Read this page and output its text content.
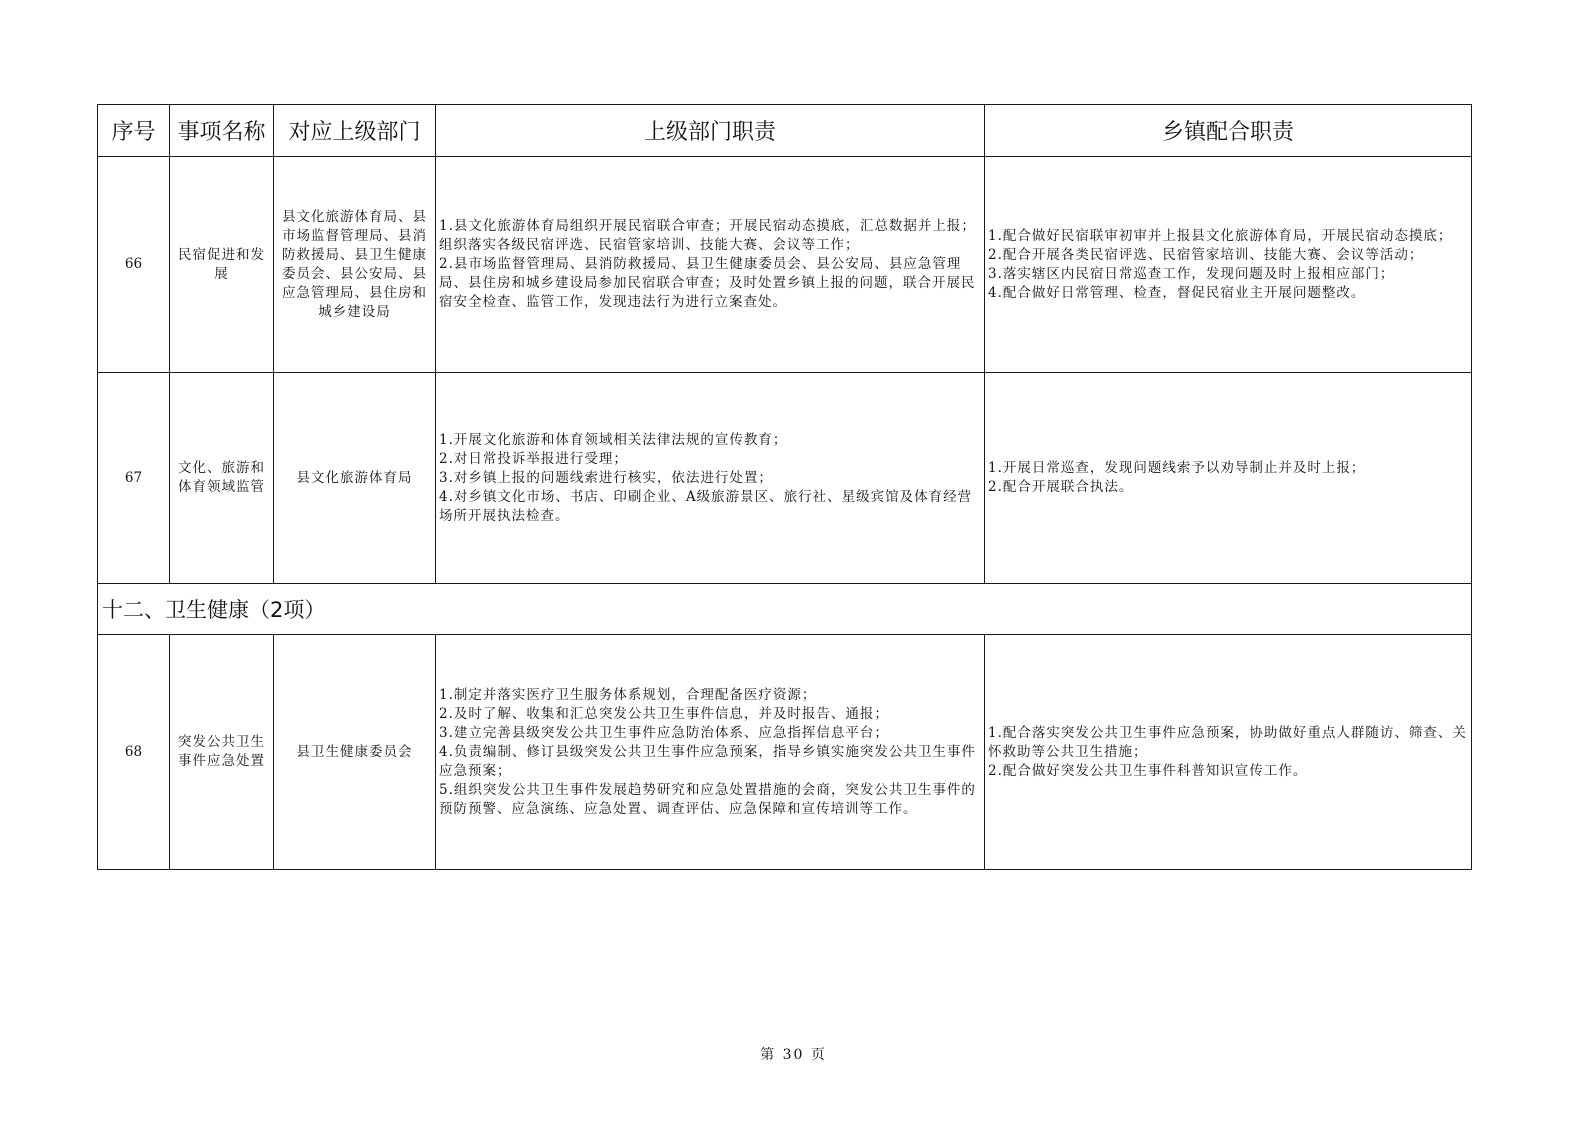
序号	事项名称	对应上级部门	上级部门职责	乡镇配合职责
66	民宿促进和发展	县文化旅游体育局、县市场监督管理局、县消防救援局、县卫生健康委员会、县公安局、县应急管理局、县住房和城乡建设局	1.县文化旅游体育局组织开展民宿联合审查；开展民宿动态摸底，汇总数据并上报；组织落实各级民宿评选、民宿管家培训、技能大赛、会议等工作；
2.县市场监督管理局、县消防救援局、县卫生健康委员会、县公安局、县应急管理局、县住房和城乡建设局参加民宿联合审查；及时处置乡镇上报的问题，联合开展民宿安全检查、监管工作，发现违法行为进行立案查处。	1.配合做好民宿联审初审并上报县文化旅游体育局，开展民宿动态摸底；
2.配合开展各类民宿评选、民宿管家培训、技能大赛、会议等活动；
3.落实辖区内民宿日常巡查工作，发现问题及时上报相应部门；
4.配合做好日常管理、检查，督促民宿业主开展问题整改。

67	文化、旅游和体育领域监管	县文化旅游体育局	1.开展文化旅游和体育领域相关法律法规的宣传教育；
2.对日常投诉举报进行受理；
3.对乡镇上报的问题线索进行核实，依法进行处置；
4.对乡镇文化市场、书店、印刷企业、A级旅游景区、旅行社、星级宾馆及体育经营场所开展执法检查。	1.开展日常巡查，发现问题线索予以劝导制止并及时上报；
2.配合开展联合执法。

十二、卫生健康（2项）				
68	突发公共卫生事件应急处置	县卫生健康委员会	1.制定并落实医疗卫生服务体系规划，合理配备医疗资源；
2.及时了解、收集和汇总突发公共卫生事件信息，并及时报告、通报；
3.建立完善县级突发公共卫生事件应急防治体系、应急指挥信息平台；
4.负责编制、修订县级突发公共卫生事件应急预案，指导乡镇实施突发公共卫生事件应急预案；
5.组织突发公共卫生事件发展趋势研究和应急处置措施的会商，突发公共卫生事件的预防预警、应急演练、应急处置、调查评估、应急保障和宣传培训等工作。	1.配合落实突发公共卫生事件应急预案，协助做好重点人群随访、筛查、关怀救助等公共卫生措施；
2.配合做好突发公共卫生事件科普知识宣传工作。
第 30 页
